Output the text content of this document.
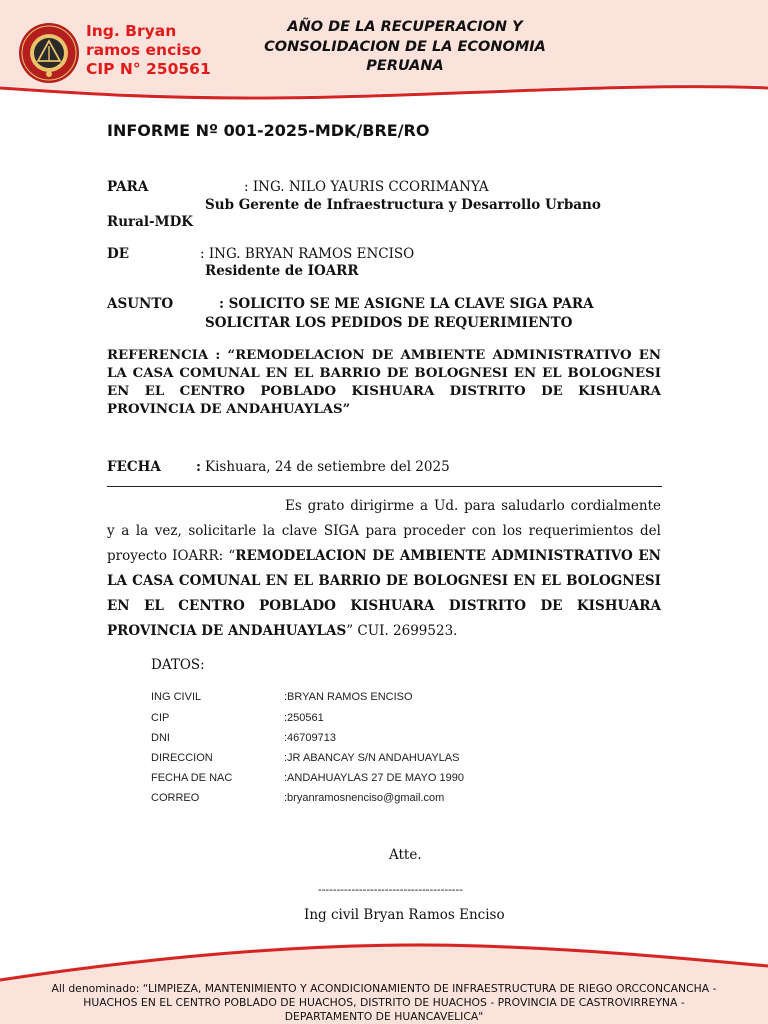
Ing. Bryan
ramos enciso
CIP N° 250561
AÑO DE LA RECUPERACION Y
CONSOLIDACION DE LA ECONOMIA
PERUANA
INFORME Nº 001-2025-MDK/BRE/RO
PARA	: ING. NILO YAURIS CCORIMANYA
Sub Gerente de Infraestructura y Desarrollo Urbano
Rural-MDK
DE	: ING. BRYAN RAMOS ENCISO
Residente de IOARR
ASUNTO	: SOLICITO SE ME ASIGNE LA CLAVE SIGA PARA
SOLICITAR LOS PEDIDOS DE REQUERIMIENTO
REFERENCIA : “REMODELACION DE AMBIENTE ADMINISTRATIVO EN LA CASA COMUNAL EN EL BARRIO DE BOLOGNESI EN EL BOLOGNESI EN EL CENTRO POBLADO KISHUARA DISTRITO DE KISHUARA PROVINCIA DE ANDAHUAYLAS”
FECHA	: Kishuara, 24 de setiembre del 2025
Es grato dirigirme a Ud. para saludarlo cordialmente y a la vez, solicitarle la clave SIGA para proceder con los requerimientos del proyecto IOARR: “REMODELACION DE AMBIENTE ADMINISTRATIVO EN LA CASA COMUNAL EN EL BARRIO DE BOLOGNESI EN EL BOLOGNESI EN EL CENTRO POBLADO KISHUARA DISTRITO DE KISHUARA PROVINCIA DE ANDAHUAYLAS” CUI. 2699523.
DATOS:
ING CIVIL	:BRYAN RAMOS ENCISO
CIP	:250561
DNI	:46709713
DIRECCION	:JR ABANCAY S/N ANDAHUAYLAS
FECHA DE NAC	:ANDAHUAYLAS 27 DE MAYO 1990
CORREO	:bryanramosnenciso@gmail.com
Atte.
---------------------------------------
Ing civil Bryan Ramos Enciso
All denominado: “LIMPIEZA, MANTENIMIENTO Y ACONDICIONAMIENTO DE INFRAESTRUCTURA DE RIEGO ORCCONCANCHA - HUACHOS EN EL CENTRO POBLADO DE HUACHOS, DISTRITO DE HUACHOS - PROVINCIA DE CASTROVIRREYNA - DEPARTAMENTO DE HUANCAVELICA"
